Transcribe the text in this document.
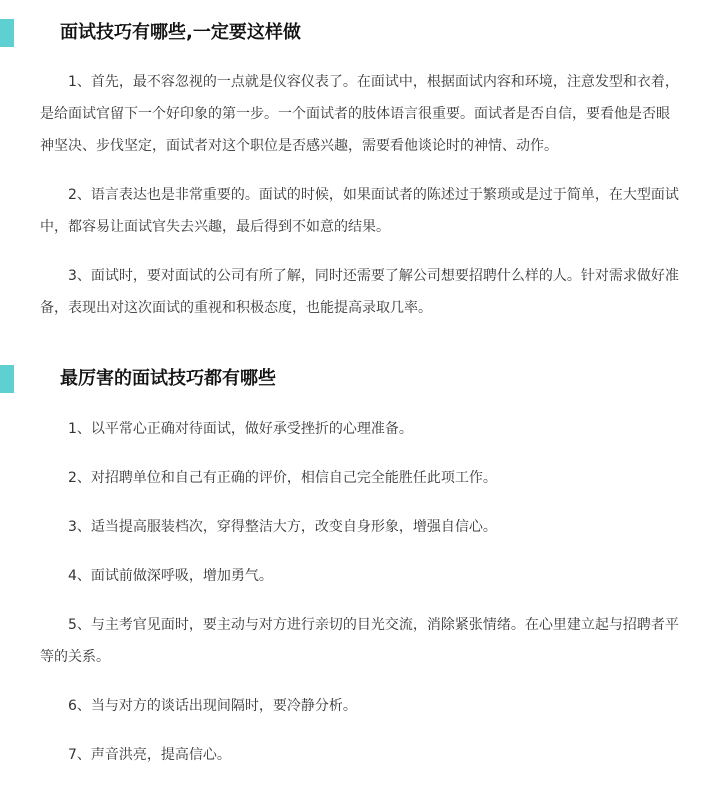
面试技巧有哪些,一定要这样做

1、首先，最不容忽视的一点就是仪容仪表了。在面试中，根据面试内容和环境，注意发型和衣着，是给面试官留下一个好印象的第一步。一个面试者的肢体语言很重要。面试者是否自信，要看他是否眼神坚决、步伐坚定，面试者对这个职位是否感兴趣，需要看他谈论时的神情、动作。

2、语言表达也是非常重要的。面试的时候，如果面试者的陈述过于繁琐或是过于简单，在大型面试中，都容易让面试官失去兴趣，最后得到不如意的结果。

3、面试时，要对面试的公司有所了解，同时还需要了解公司想要招聘什么样的人。针对需求做好准备，表现出对这次面试的重视和积极态度，也能提高录取几率。

最厉害的面试技巧都有哪些

1、以平常心正确对待面试，做好承受挫折的心理准备。

2、对招聘单位和自己有正确的评价，相信自己完全能胜任此项工作。

3、适当提高服装档次，穿得整洁大方，改变自身形象，增强自信心。

4、面试前做深呼吸，增加勇气。

5、与主考官见面时，要主动与对方进行亲切的目光交流，消除紧张情绪。在心里建立起与招聘者平等的关系。

6、当与对方的谈话出现间隔时，要冷静分析。

7、声音洪亮，提高信心。
